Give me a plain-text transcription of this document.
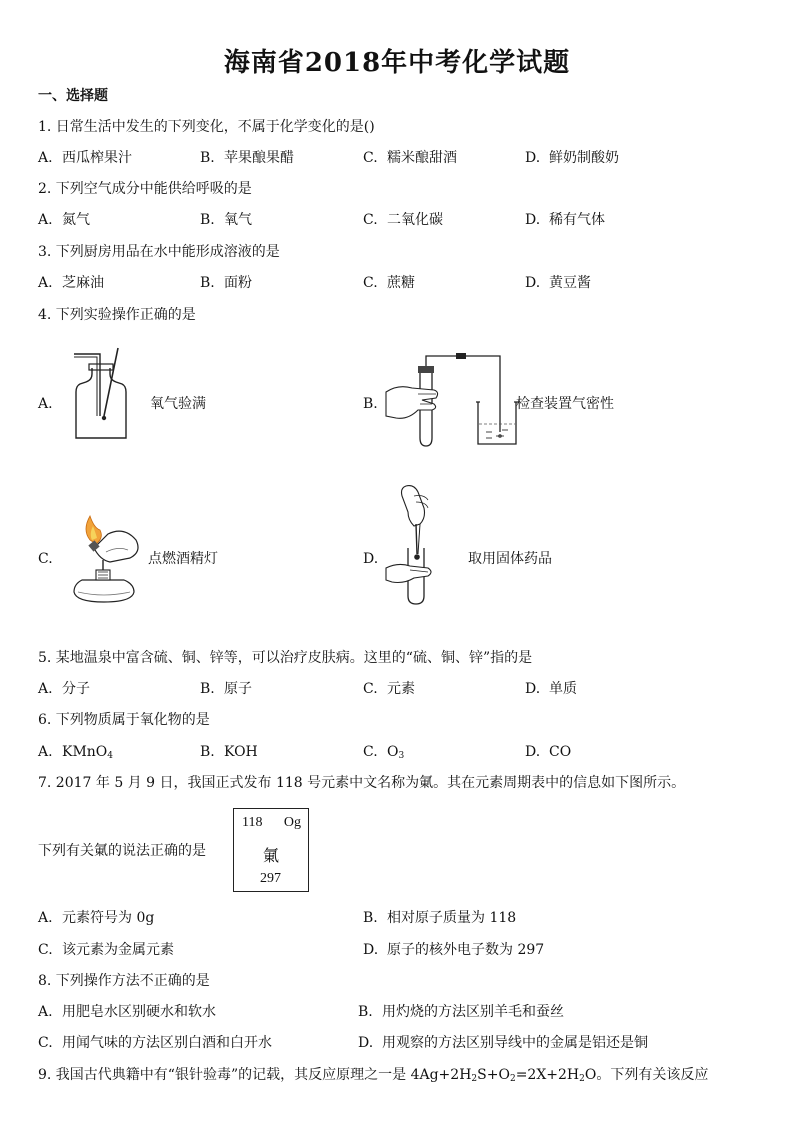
海南省2018年中考化学试题
一、选择题
1. 日常生活中发生的下列变化，不属于化学变化的是()
A. 西瓜榨果汁	B. 苹果酿果醋	C. 糯米酿甜酒	D. 鲜奶制酸奶
2. 下列空气成分中能供给呼吸的是
A. 氮气	B. 氧气	C. 二氧化碳	D. 稀有气体
3. 下列厨房用品在水中能形成溶液的是
A. 芝麻油	B. 面粉	C. 蔗糖	D. 黄豆酱
4. 下列实验操作正确的是
A.	氧气验满	B.	检查装置气密性
C.	点燃酒精灯	D.	取用固体药品
5. 某地温泉中富含硫、铜、锌等，可以治疗皮肤病。这里的“硫、铜、锌”指的是
A. 分子	B. 原子	C. 元素	D. 单质
6. 下列物质属于氧化物的是
A. KMnO$_4$	B. KOH	C. $O_3$	D. CO
7. 2017 年 5 月 9 日，我国正式发布 118 号元素中文名称为氭。其在元素周期表中的信息如下图所示。
下列有关氭的说法正确的是
118 Og
氭
297
A. 元素符号为 0g	B. 相对原子质量为 118
C. 该元素为金属元素	D. 原子的核外电子数为 297
8. 下列操作方法不正确的是
A. 用肥皂水区别硬水和软水	B. 用灼烧的方法区别羊毛和蚕丝
C. 用闻气味的方法区别白酒和白开水	D. 用观察的方法区别导线中的金属是铝还是铜
9. 我国古代典籍中有“银针验毒”的记载，其反应原理之一是 $4Ag+2H_2S+O_2=2X+2H_2O$。下列有关该反应
